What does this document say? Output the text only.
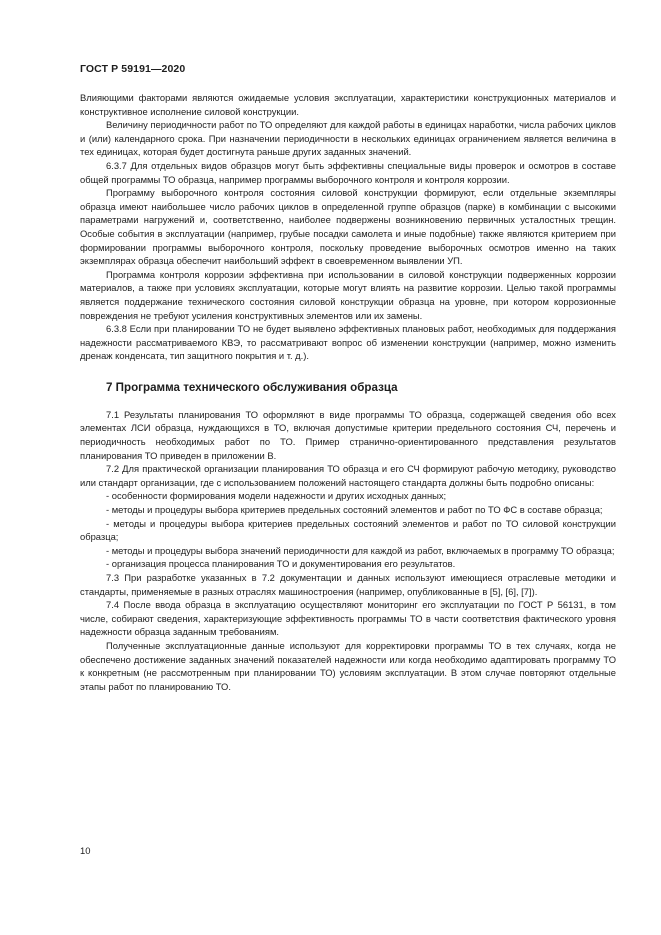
ГОСТ Р 59191—2020

Влияющими факторами являются ожидаемые условия эксплуатации, характеристики конструкционных материалов и конструктивное исполнение силовой конструкции.

Величину периодичности работ по ТО определяют для каждой работы в единицах наработки, числа рабочих циклов и (или) календарного срока. При назначении периодичности в нескольких единицах ограничением является величина в тех единицах, которая будет достигнута раньше других заданных значений.

6.3.7 Для отдельных видов образцов могут быть эффективны специальные виды проверок и осмотров в составе общей программы ТО образца, например программы выборочного контроля и контроля коррозии.

Программу выборочного контроля состояния силовой конструкции формируют, если отдельные экземпляры образца имеют наибольшее число рабочих циклов в определенной группе образцов (парке) в комбинации с высокими параметрами нагружений и, соответственно, наиболее подвержены возникновению первичных усталостных трещин. Особые события в эксплуатации (например, грубые посадки самолета и иные подобные) также являются критерием при формировании программы выборочного контроля, поскольку проведение выборочных осмотров именно на таких экземплярах образца обеспечит наибольший эффект в своевременном выявлении УП.

Программа контроля коррозии эффективна при использовании в силовой конструкции подверженных коррозии материалов, а также при условиях эксплуатации, которые могут влиять на развитие коррозии. Целью такой программы является поддержание технического состояния силовой конструкции образца на уровне, при котором коррозионные повреждения не требуют усиления конструктивных элементов или их замены.

6.3.8 Если при планировании ТО не будет выявлено эффективных плановых работ, необходимых для поддержания надежности рассматриваемого КВЭ, то рассматривают вопрос об изменении конструкции (например, можно изменить дренаж конденсата, тип защитного покрытия и т. д.).

7 Программа технического обслуживания образца

7.1 Результаты планирования ТО оформляют в виде программы ТО образца, содержащей сведения обо всех элементах ЛСИ образца, нуждающихся в ТО, включая допустимые критерии предельного состояния СЧ, перечень и периодичность необходимых работ по ТО. Пример странично-ориентированного представления результатов планирования ТО приведен в приложении В.

7.2 Для практической организации планирования ТО образца и его СЧ формируют рабочую методику, руководство или стандарт организации, где с использованием положений настоящего стандарта должны быть подробно описаны:

- особенности формирования модели надежности и других исходных данных;

- методы и процедуры выбора критериев предельных состояний элементов и работ по ТО ФС в составе образца;

- методы и процедуры выбора критериев предельных состояний элементов и работ по ТО силовой конструкции образца;

- методы и процедуры выбора значений периодичности для каждой из работ, включаемых в программу ТО образца;

- организация процесса планирования ТО и документирования его результатов.

7.3 При разработке указанных в 7.2 документации и данных используют имеющиеся отраслевые методики и стандарты, применяемые в разных отраслях машиностроения (например, опубликованные в [5], [6], [7]).

7.4 После ввода образца в эксплуатацию осуществляют мониторинг его эксплуатации по ГОСТ Р 56131, в том числе, собирают сведения, характеризующие эффективность программы ТО в части соответствия фактического уровня надежности образца заданным требованиям.

Полученные эксплуатационные данные используют для корректировки программы ТО в тех случаях, когда не обеспечено достижение заданных значений показателей надежности или когда необходимо адаптировать программу ТО к конкретным (не рассмотренным при планировании ТО) условиям эксплуатации. В этом случае повторяют отдельные этапы работ по планированию ТО.

10
